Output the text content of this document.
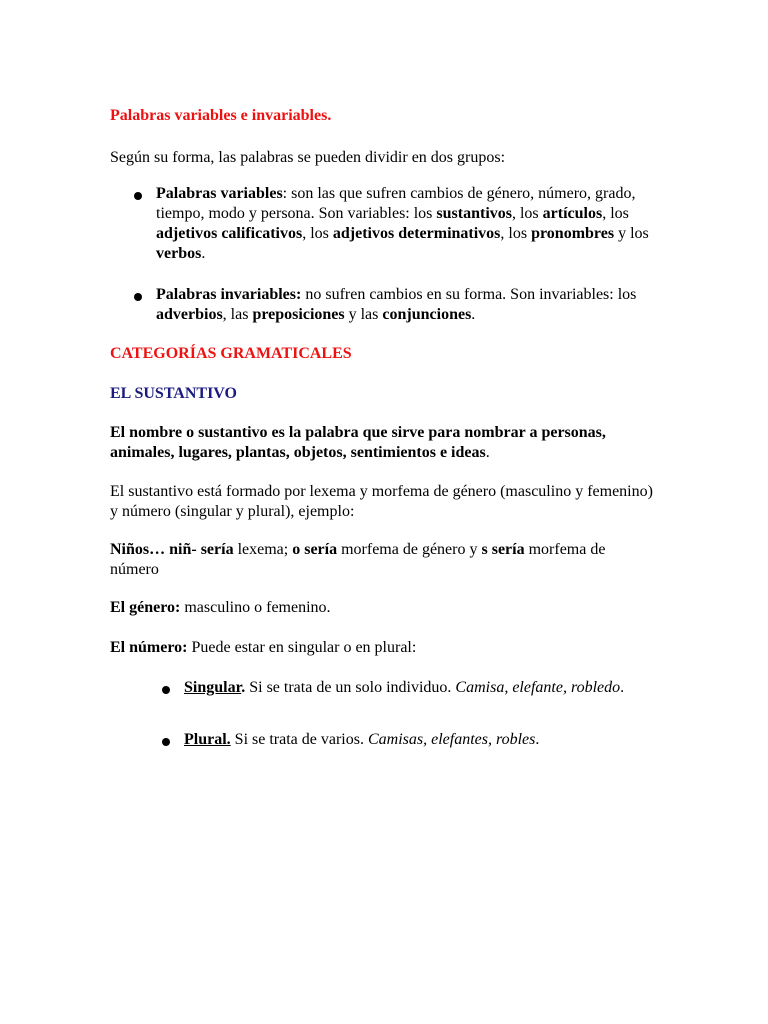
Palabras variables e invariables.

Según su forma, las palabras se pueden dividir en dos grupos:

Palabras variables: son las que sufren cambios de género, número, grado, tiempo, modo y persona. Son variables: los sustantivos, los artículos, los adjetivos calificativos, los adjetivos determinativos, los pronombres y los verbos.

Palabras invariables: no sufren cambios en su forma. Son invariables: los adverbios, las preposiciones y las conjunciones.

CATEGORÍAS GRAMATICALES

EL SUSTANTIVO

El nombre o sustantivo es la palabra que sirve para nombrar a personas, animales, lugares, plantas, objetos, sentimientos e ideas.

El sustantivo está formado por lexema y morfema de género (masculino y femenino) y número (singular y plural), ejemplo:

Niños… niñ- sería lexema; o sería morfema de género y s sería morfema de número

El género: masculino o femenino.

El número: Puede estar en singular o en plural:

Singular. Si se trata de un solo individuo. Camisa, elefante, robledo.

Plural. Si se trata de varios. Camisas, elefantes, robles.
